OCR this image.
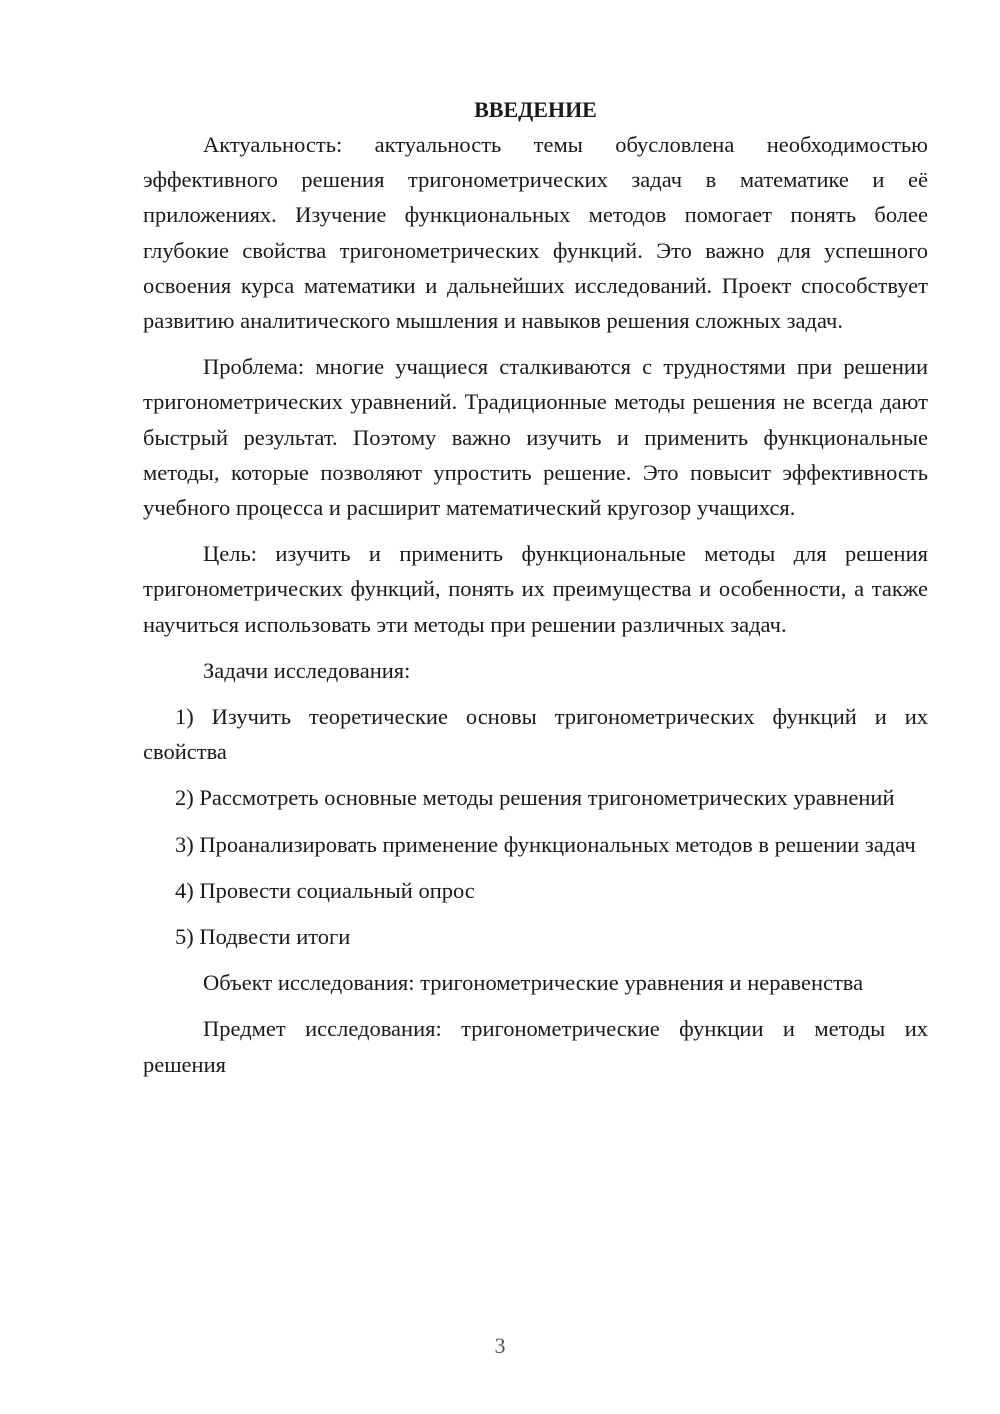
ВВЕДЕНИЕ

Актуальность: актуальность темы обусловлена необходимостью эффективного решения тригонометрических задач в математике и её приложениях. Изучение функциональных методов помогает понять более глубокие свойства тригонометрических функций. Это важно для успешного освоения курса математики и дальнейших исследований. Проект способствует развитию аналитического мышления и навыков решения сложных задач.

Проблема: многие учащиеся сталкиваются с трудностями при решении тригонометрических уравнений. Традиционные методы решения не всегда дают быстрый результат. Поэтому важно изучить и применить функциональные методы, которые позволяют упростить решение. Это повысит эффективность учебного процесса и расширит математический кругозор учащихся.

Цель: изучить и применить функциональные методы для решения тригонометрических функций, понять их преимущества и особенности, а также научиться использовать эти методы при решении различных задач.

Задачи исследования:

1) Изучить теоретические основы тригонометрических функций и их свойства

2) Рассмотреть основные методы решения тригонометрических уравнений

3) Проанализировать применение функциональных методов в решении задач

4) Провести социальный опрос

5) Подвести итоги

Объект исследования: тригонометрические уравнения и неравенства

Предмет исследования: тригонометрические функции и методы их решения

3
